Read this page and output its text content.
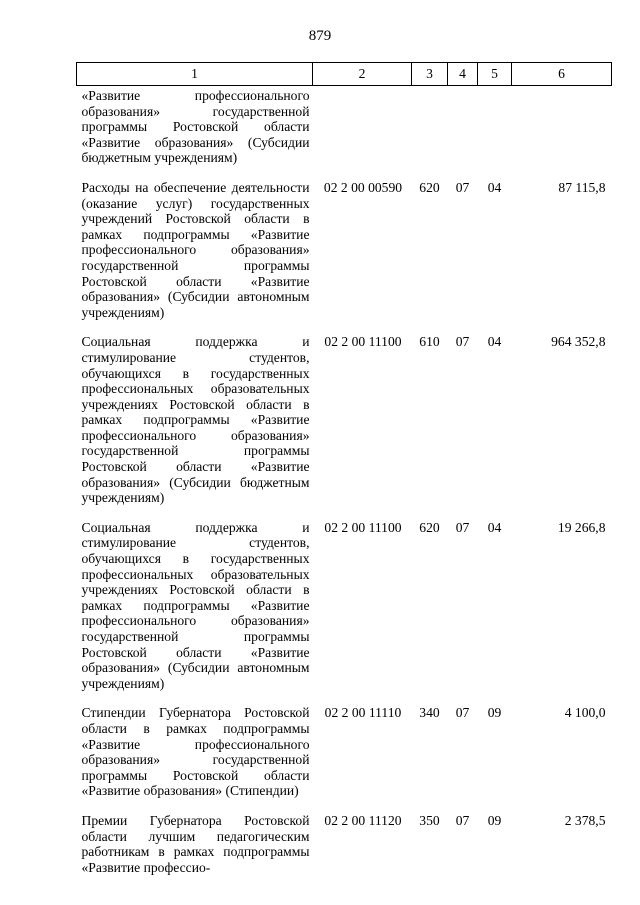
879
1	2	3	4	5	6
«Развитие профессионального образования» государственной программы Ростовской области «Развитие образования» (Субсидии бюджетным учреждениям)					
Расходы на обеспечение деятельности (оказание услуг) государственных учреждений Ростовской области в рамках подпрограммы «Развитие профессионального образования» государственной программы Ростовской области «Развитие образования» (Субсидии автономным учреждениям)	02 2 00 00590	620	07	04	87 115,8
Социальная поддержка и стимулирование студентов, обучающихся в государственных профессиональных образовательных учреждениях Ростовской области в рамках подпрограммы «Развитие профессионального образования» государственной программы Ростовской области «Развитие образования» (Субсидии бюджетным учреждениям)	02 2 00 11100	610	07	04	964 352,8
Социальная поддержка и стимулирование студентов, обучающихся в государственных профессиональных образовательных учреждениях Ростовской области в рамках подпрограммы «Развитие профессионального образования» государственной программы Ростовской области «Развитие образования» (Субсидии автономным учреждениям)	02 2 00 11100	620	07	04	19 266,8
Стипендии Губернатора Ростовской области в рамках подпрограммы «Развитие профессионального образования» государственной программы Ростовской области «Развитие образования» (Стипендии)	02 2 00 11110	340	07	09	4 100,0
Премии Губернатора Ростовской области лучшим педагогическим работникам в рамках подпрограммы «Развитие профессио-	02 2 00 11120	350	07	09	2 378,5
